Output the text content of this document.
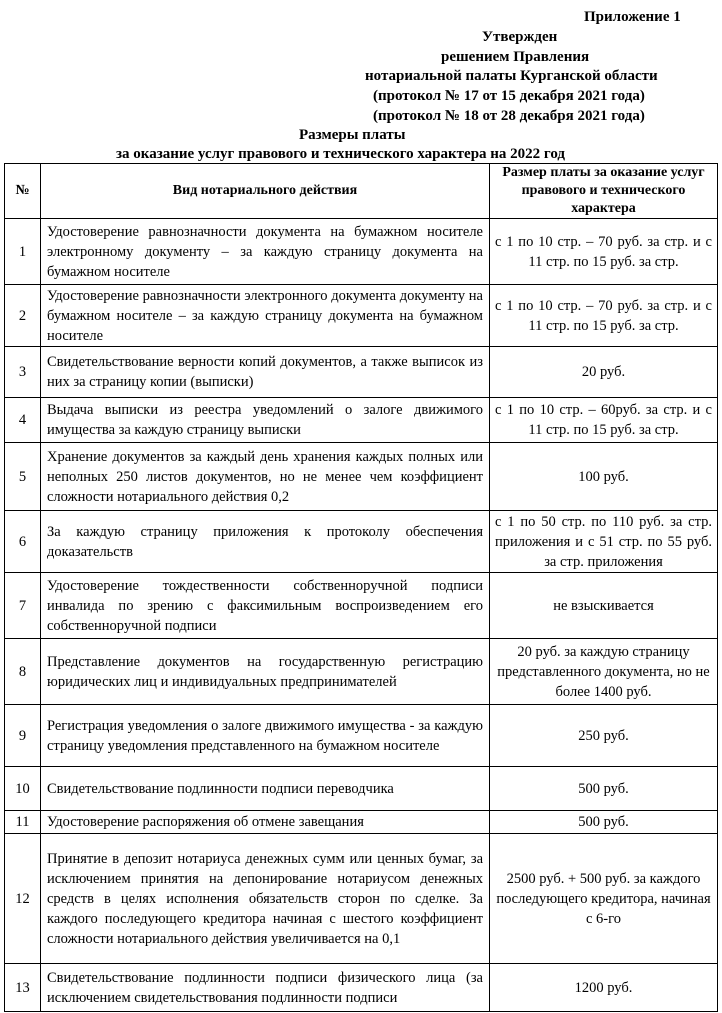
Приложение 1
Утвержден
решением Правления
нотариальной палаты Курганской области
(протокол № 17 от 15 декабря 2021 года)
(протокол № 18 от 28 декабря 2021 года)
Размеры платы
за оказание услуг правового и технического характера на 2022 год
№	Вид нотариального действия	Размер платы за оказание услуг правового и технического характера
1	Удостоверение равнозначности документа на бумажном носителе электронному документу – за каждую страницу документа на бумажном носителе	с 1 по 10 стр. – 70 руб. за стр. и с 11 стр. по 15 руб. за стр.
2	Удостоверение равнозначности электронного документа документу на бумажном носителе – за каждую страницу документа на бумажном носителе	с 1 по 10 стр. – 70 руб. за стр. и с 11 стр. по 15 руб. за стр.
3	Свидетельствование верности копий документов, а также выписок из них за страницу копии (выписки)	20 руб.
4	Выдача выписки из реестра уведомлений о залоге движимого имущества за каждую страницу выписки	с 1 по 10 стр. – 60руб. за стр. и с 11 стр. по 15 руб. за стр.
5	Хранение документов за каждый день хранения каждых полных или неполных 250 листов документов, но не менее чем коэффициент сложности нотариального действия 0,2	100 руб.
6	За каждую страницу приложения к протоколу обеспечения доказательств	с 1 по 50 стр. по 110 руб. за стр. приложения и с 51 стр. по 55 руб. за стр. приложения
7	Удостоверение тождественности собственноручной подписи инвалида по зрению с факсимильным воспроизведением его собственноручной подписи	не взыскивается
8	Представление документов на государственную регистрацию юридических лиц и индивидуальных предпринимателей	20 руб. за каждую страницу представленного документа, но не более 1400 руб.
9	Регистрация уведомления о залоге движимого имущества - за каждую страницу уведомления представленного на бумажном носителе	250 руб.
10	Свидетельствование подлинности подписи переводчика	500 руб.
11	Удостоверение распоряжения об отмене завещания	500 руб.
12	Принятие в депозит нотариуса денежных сумм или ценных бумаг, за исключением принятия на депонирование нотариусом денежных средств в целях исполнения обязательств сторон по сделке. За каждого последующего кредитора начиная с шестого коэффициент сложности нотариального действия увеличивается на 0,1	2500 руб. + 500 руб. за каждого последующего кредитора, начиная с 6-го
13	Свидетельствование подлинности подписи физического лица (за исключением свидетельствования подлинности подписи	1200 руб.
